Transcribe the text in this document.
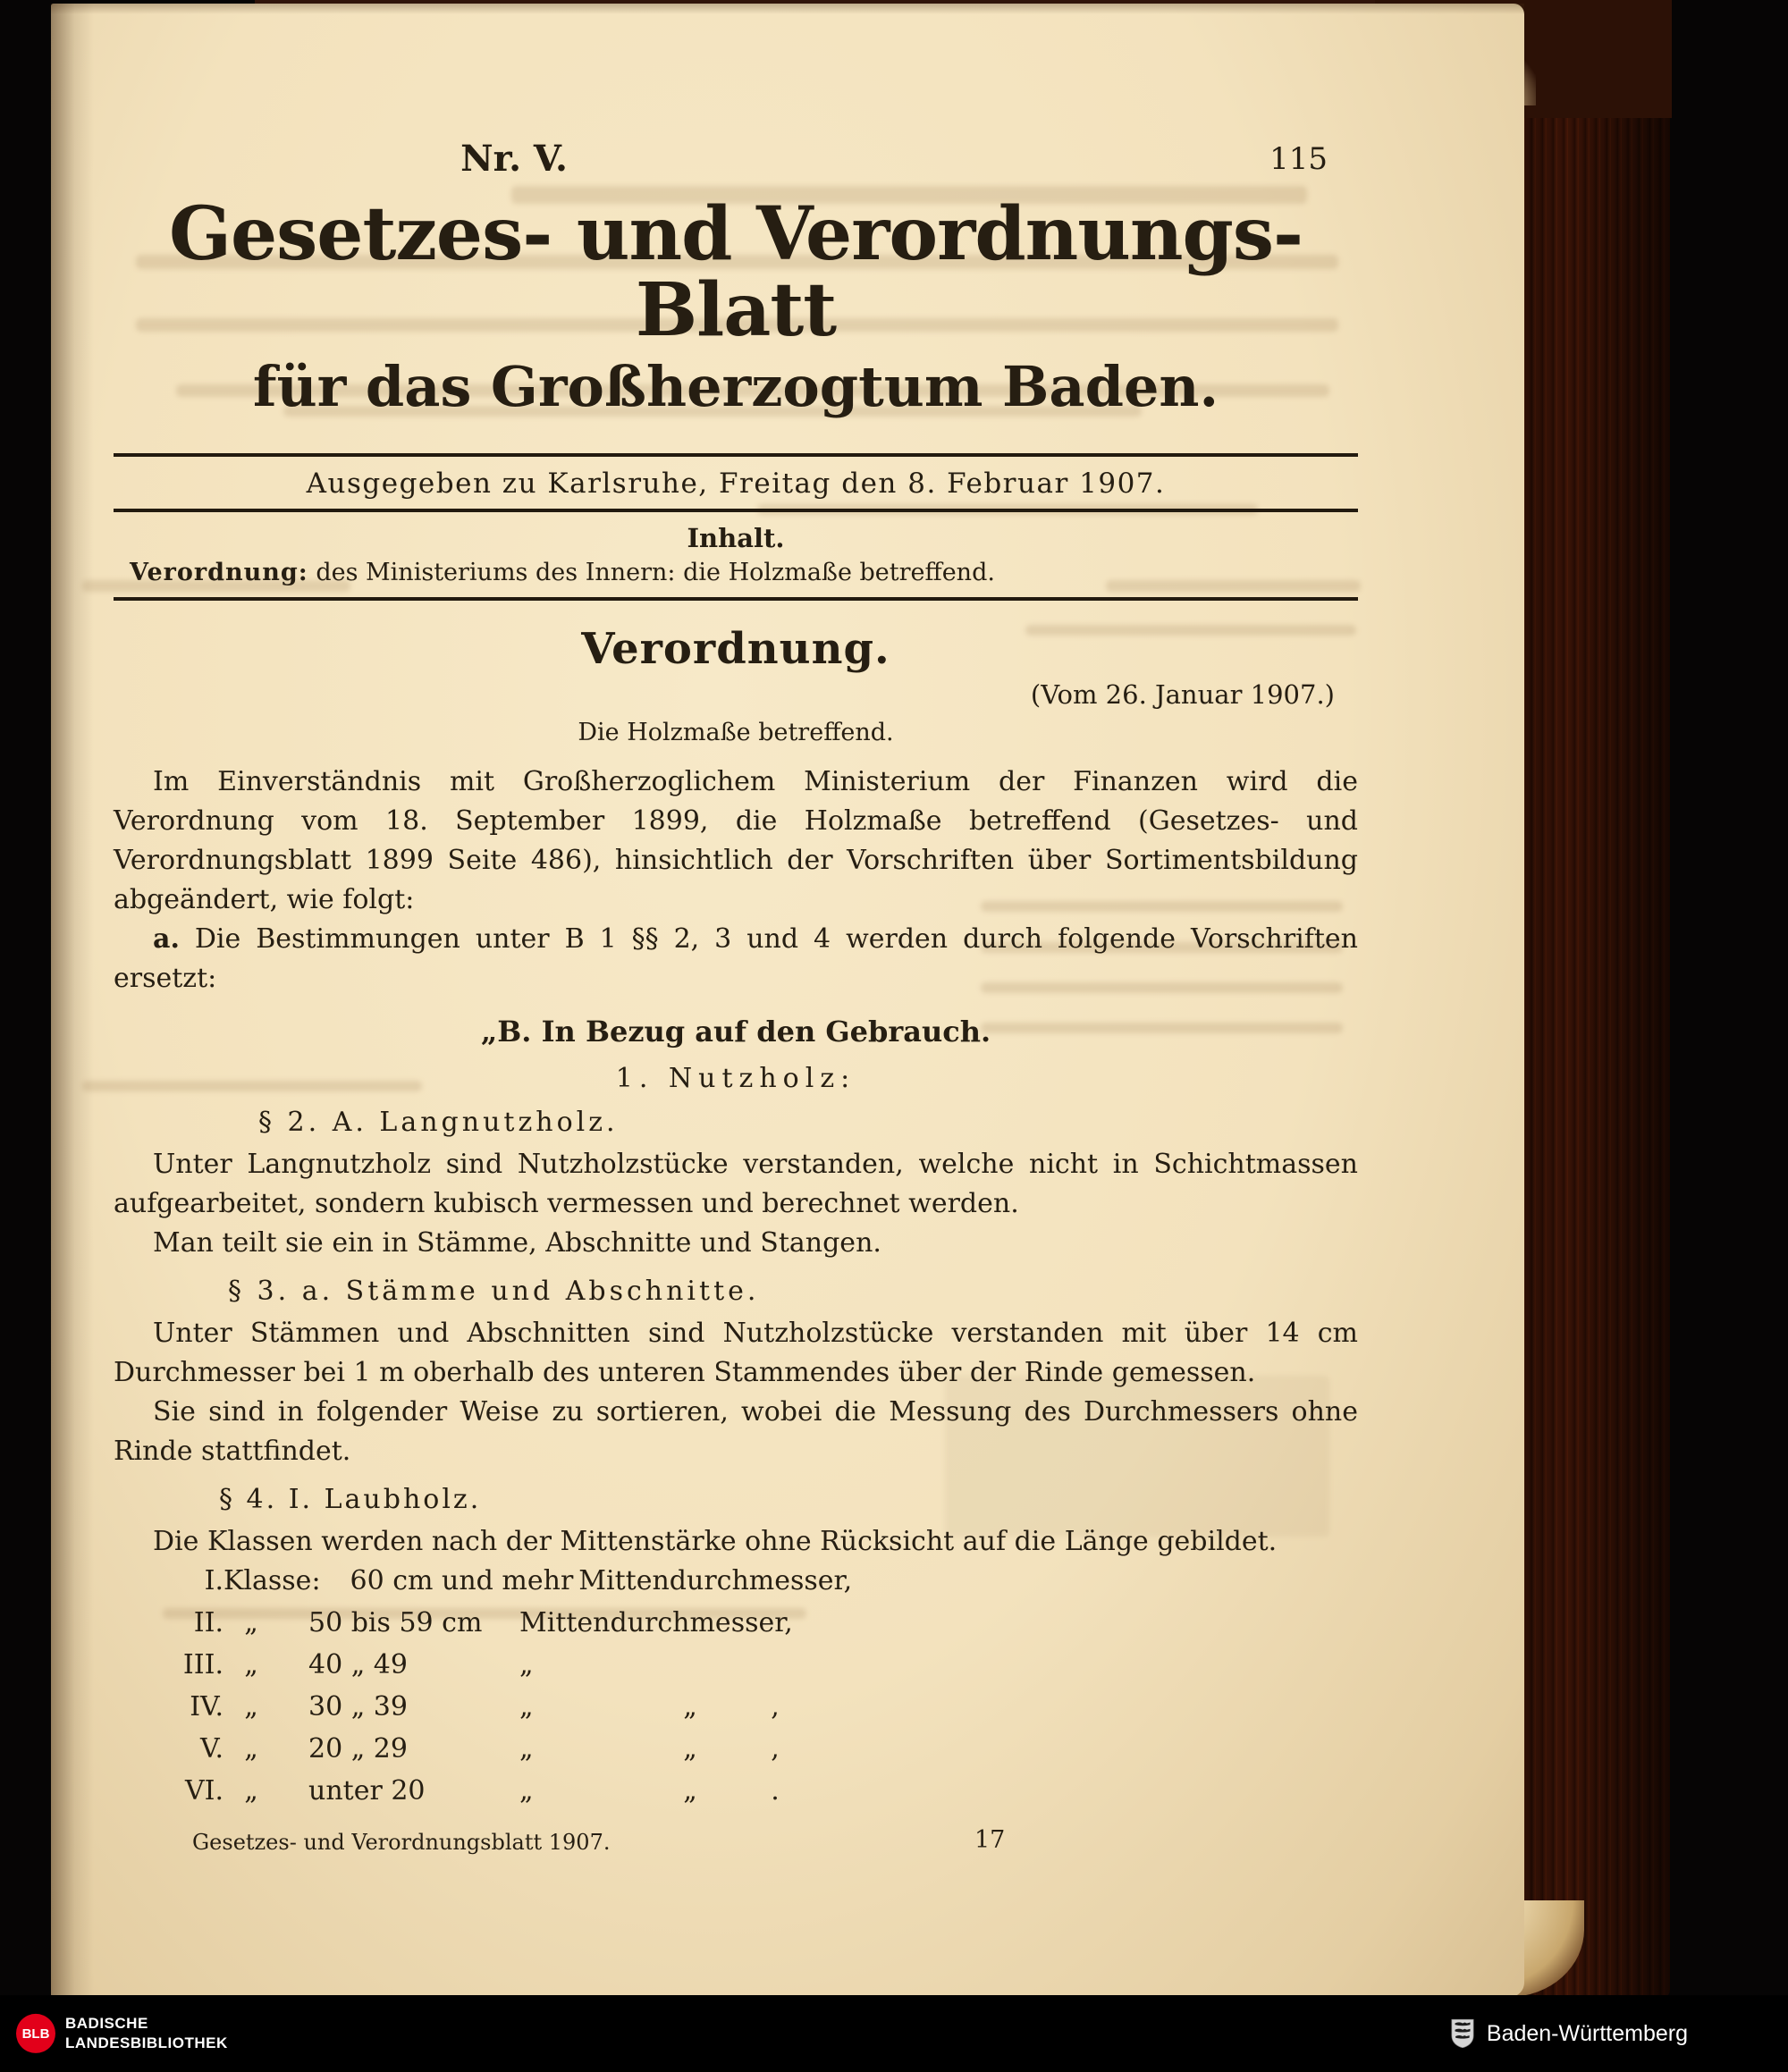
Nr. V.	115
Gesetzes- und Verordnungs-Blatt
für das Großherzogtum Baden.
Ausgegeben zu Karlsruhe, Freitag den 8. Februar 1907.
Inhalt.
Verordnung: des Ministeriums des Innern: die Holzmaße betreffend.
Verordnung.
(Vom 26. Januar 1907.)
Die Holzmaße betreffend.

Im Einverständnis mit Großherzoglichem Ministerium der Finanzen wird die Verordnung vom 18. September 1899, die Holzmaße betreffend (Gesetzes- und Verordnungsblatt 1899 Seite 486), hinsichtlich der Vorschriften über Sortimentsbildung abgeändert, wie folgt:

a. Die Bestimmungen unter B 1 §§ 2, 3 und 4 werden durch folgende Vorschriften ersetzt:

„B. In Bezug auf den Gebrauch.
1. Nutzholz:
§ 2. A. Langnutzholz.

Unter Langnutzholz sind Nutzholzstücke verstanden, welche nicht in Schichtmassen aufgearbeitet, sondern kubisch vermessen und berechnet werden.

Man teilt sie ein in Stämme, Abschnitte und Stangen.

§ 3. a. Stämme und Abschnitte.

Unter Stämmen und Abschnitten sind Nutzholzstücke verstanden mit über 14 cm Durchmesser bei 1 m oberhalb des unteren Stammendes über der Rinde gemessen.

Sie sind in folgender Weise zu sortieren, wobei die Messung des Durchmessers ohne Rinde stattfindet.

§ 4. I. Laubholz.

Die Klassen werden nach der Mittenstärke ohne Rücksicht auf die Länge gebildet.

I. Klasse: 60 cm und mehr Mittendurchmesser,
II. „	50 bis 59 cm	Mittendurchmesser,
III. „	40 „ 49	„
IV. „	30 „ 39	„	„	,
V. „	20 „ 29	„	„	,
VI. „	unter 20	„	„	.
Gesetzes- und Verordnungsblatt 1907.	17
BLB
BADISCHE
LANDESBIBLIOTHEK	Baden-Württemberg
